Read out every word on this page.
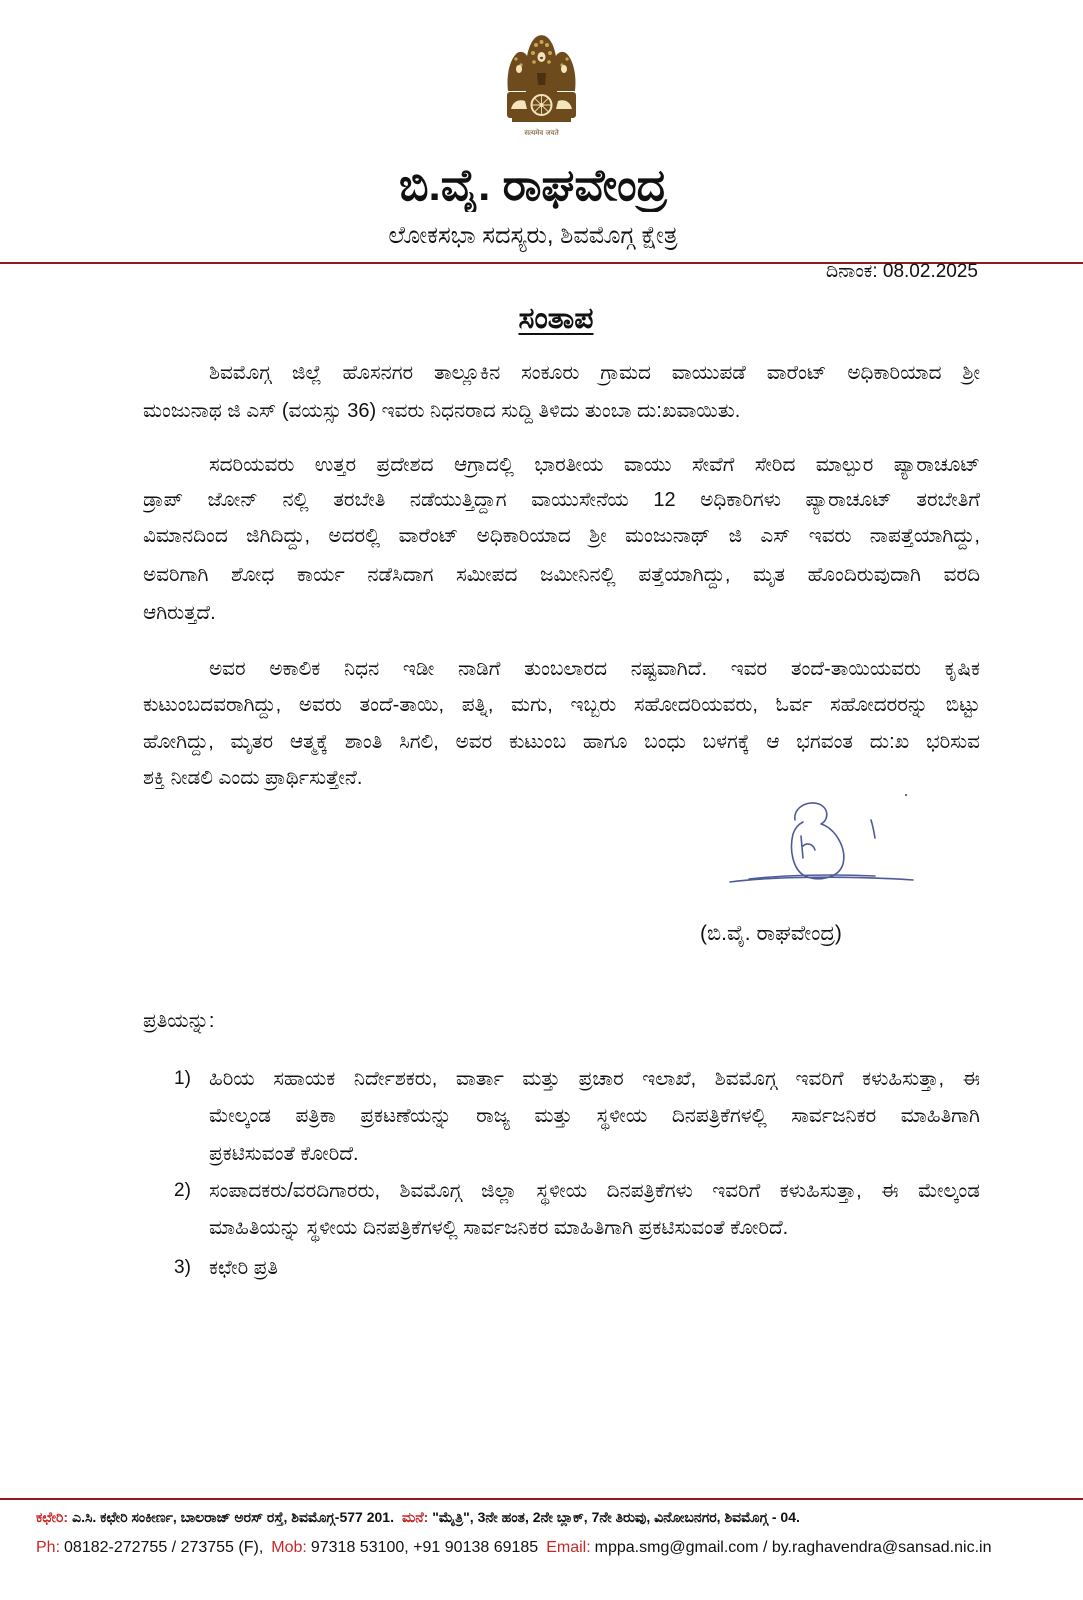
सत्यमेव जयते
ಬಿ.ವೈ. ರಾಘವೇಂದ್ರ
ಲೋಕಸಭಾ ಸದಸ್ಯರು, ಶಿವಮೊಗ್ಗ ಕ್ಷೇತ್ರ
ದಿನಾಂಕ: 08.02.2025
ಸಂತಾಪ
ಶಿವಮೊಗ್ಗ ಜಿಲ್ಲೆ ಹೊಸನಗರ ತಾಲ್ಲೂಕಿನ ಸಂಕೂರು ಗ್ರಾಮದ ವಾಯುಪಡೆ ವಾರೆಂಟ್ ಅಧಿಕಾರಿಯಾದ ಶ್ರೀ
ಮಂಜುನಾಥ ಜಿ ಎಸ್ (ವಯಸ್ಸು 36) ಇವರು ನಿಧನರಾದ ಸುದ್ದಿ ತಿಳಿದು ತುಂಬಾ ದು:ಖವಾಯಿತು.
ಸದರಿಯವರು ಉತ್ತರ ಪ್ರದೇಶದ ಆಗ್ರಾದಲ್ಲಿ ಭಾರತೀಯ ವಾಯು ಸೇವೆಗೆ ಸೇರಿದ ಮಾಲ್ಪುರ ಪ್ಯಾರಾಚೂಟ್
ಡ್ರಾಪ್ ಜೋನ್ ನಲ್ಲಿ ತರಬೇತಿ ನಡೆಯುತ್ತಿದ್ದಾಗ ವಾಯುಸೇನೆಯ 12 ಅಧಿಕಾರಿಗಳು ಪ್ಯಾರಾಚೂಟ್ ತರಬೇತಿಗೆ
ವಿಮಾನದಿಂದ ಜಿಗಿದಿದ್ದು, ಅದರಲ್ಲಿ ವಾರೆಂಟ್ ಅಧಿಕಾರಿಯಾದ ಶ್ರೀ ಮಂಜುನಾಥ್ ಜಿ ಎಸ್ ಇವರು ನಾಪತ್ತೆಯಾಗಿದ್ದು,
ಅವರಿಗಾಗಿ ಶೋಧ ಕಾರ್ಯ ನಡೆಸಿದಾಗ ಸಮೀಪದ ಜಮೀನಿನಲ್ಲಿ ಪತ್ತೆಯಾಗಿದ್ದು, ಮೃತ ಹೊಂದಿರುವುದಾಗಿ ವರದಿ
ಆಗಿರುತ್ತದೆ.
ಅವರ ಅಕಾಲಿಕ ನಿಧನ ಇಡೀ ನಾಡಿಗೆ ತುಂಬಲಾರದ ನಷ್ಟವಾಗಿದೆ. ಇವರ ತಂದೆ-ತಾಯಿಯವರು ಕೃಷಿಕ
ಕುಟುಂಬದವರಾಗಿದ್ದು, ಅವರು ತಂದೆ-ತಾಯಿ, ಪತ್ನಿ, ಮಗು, ಇಬ್ಬರು ಸಹೋದರಿಯವರು, ಓರ್ವ ಸಹೋದರರನ್ನು ಬಿಟ್ಟು
ಹೋಗಿದ್ದು, ಮೃತರ ಆತ್ಮಕ್ಕೆ ಶಾಂತಿ ಸಿಗಲಿ, ಅವರ ಕುಟುಂಬ ಹಾಗೂ ಬಂಧು ಬಳಗಕ್ಕೆ ಆ ಭಗವಂತ ದು:ಖ ಭರಿಸುವ
ಶಕ್ತಿ ನೀಡಲಿ ಎಂದು ಪ್ರಾರ್ಥಿಸುತ್ತೇನೆ.
(ಬಿ.ವೈ. ರಾಘವೇಂದ್ರ)
ಪ್ರತಿಯನ್ನು:
1) ಹಿರಿಯ ಸಹಾಯಕ ನಿರ್ದೇಶಕರು, ವಾರ್ತಾ ಮತ್ತು ಪ್ರಚಾರ ಇಲಾಖೆ, ಶಿವಮೊಗ್ಗ ಇವರಿಗೆ ಕಳುಹಿಸುತ್ತಾ, ಈ
ಮೇಲ್ಕಂಡ ಪತ್ರಿಕಾ ಪ್ರಕಟಣೆಯನ್ನು ರಾಜ್ಯ ಮತ್ತು ಸ್ಥಳೀಯ ದಿನಪತ್ರಿಕೆಗಳಲ್ಲಿ ಸಾರ್ವಜನಿಕರ ಮಾಹಿತಿಗಾಗಿ
ಪ್ರಕಟಿಸುವಂತೆ ಕೋರಿದೆ.
2) ಸಂಪಾದಕರು/ವರದಿಗಾರರು, ಶಿವಮೊಗ್ಗ ಜಿಲ್ಲಾ ಸ್ಥಳೀಯ ದಿನಪತ್ರಿಕೆಗಳು ಇವರಿಗೆ ಕಳುಹಿಸುತ್ತಾ, ಈ ಮೇಲ್ಕಂಡ
ಮಾಹಿತಿಯನ್ನು ಸ್ಥಳೀಯ ದಿನಪತ್ರಿಕೆಗಳಲ್ಲಿ ಸಾರ್ವಜನಿಕರ ಮಾಹಿತಿಗಾಗಿ ಪ್ರಕಟಿಸುವಂತೆ ಕೋರಿದೆ.
3) ಕಛೇರಿ ಪ್ರತಿ
ಕಛೇರಿ: ಎ.ಸಿ. ಕಛೇರಿ ಸಂಕೀರ್ಣ, ಬಾಲರಾಜ್ ಅರಸ್ ರಸ್ತೆ, ಶಿವಮೊಗ್ಗ-577 201. ಮನೆ: "ಮೈತ್ರಿ", 3ನೇ ಹಂತ, 2ನೇ ಬ್ಲಾಕ್, 7ನೇ ತಿರುವು, ವಿನೋಬನಗರ, ಶಿವಮೊಗ್ಗ - 04.
Ph: 08182-272755 / 273755 (F), Mob: 97318 53100, +91 90138 69185 Email: mppa.smg@gmail.com / by.raghavendra@sansad.nic.in
